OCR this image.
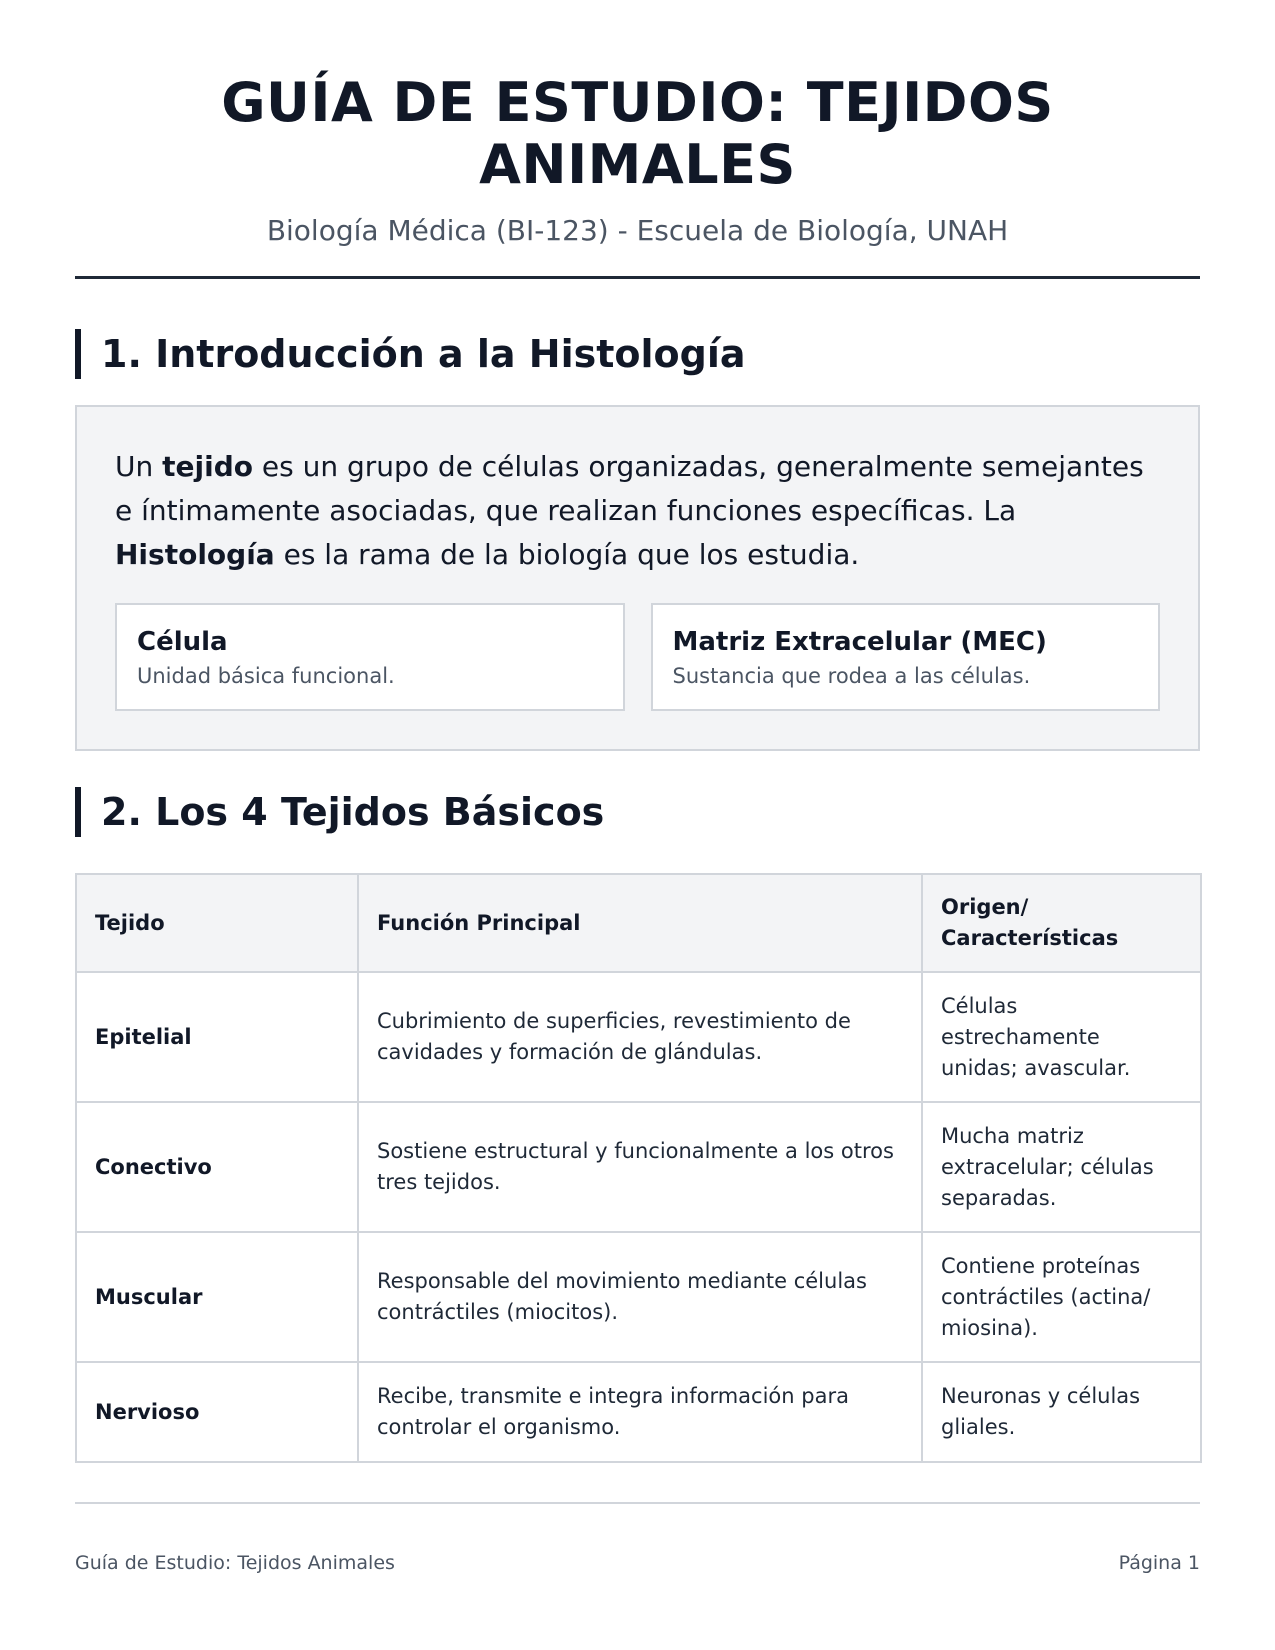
GUÍA DE ESTUDIO: TEJIDOS ANIMALES

Biología Médica (BI-123) - Escuela de Biología, UNAH

1. Introducción a la Histología

Un tejido es un grupo de células organizadas, generalmente semejantes e íntimamente asociadas, que realizan funciones específicas. La Histología es la rama de la biología que los estudia.

Célula
Unidad básica funcional.
Matriz Extracelular (MEC)
Sustancia que rodea a las células.
2. Los 4 Tejidos Básicos
Tejido	Función Principal	Origen/ Características
Epitelial	Cubrimiento de superficies, revestimiento de cavidades y formación de glándulas.	Células estrechamente unidas; avascular.
Conectivo	Sostiene estructural y funcionalmente a los otros tres tejidos.	Mucha matriz extracelular; células separadas.
Muscular	Responsable del movimiento mediante células contráctiles (miocitos).	Contiene proteínas contráctiles (actina/ miosina).
Nervioso	Recibe, transmite e integra información para controlar el organismo.	Neuronas y células gliales.
Guía de Estudio: Tejidos Animales	Página 1
